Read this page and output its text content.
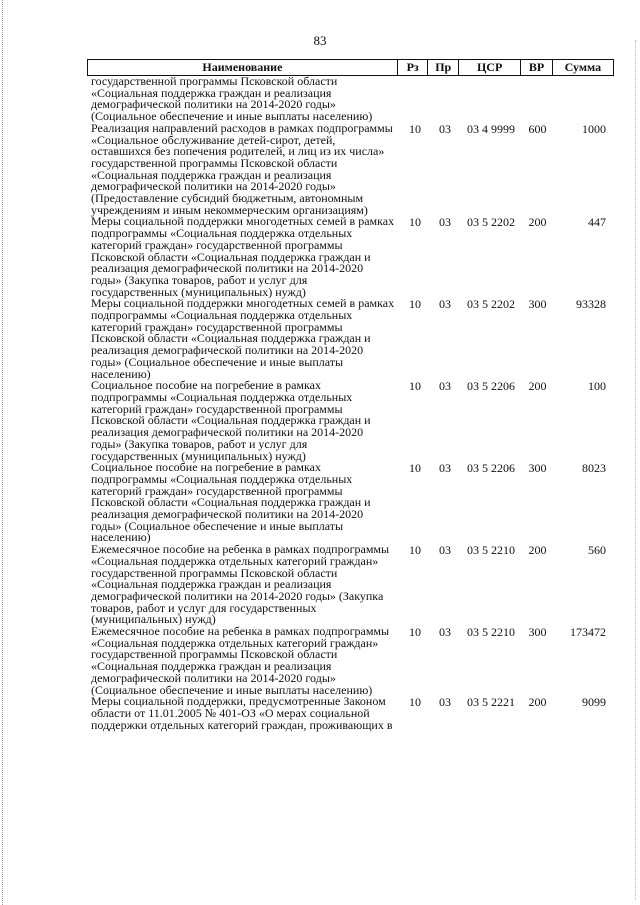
83
Наименование	Рз	Пр	ЦСР	ВР	Сумма
государственной программы Псковской области
«Социальная поддержка граждан и реализация
демографической политики на 2014-2020 годы»
(Социальное обеспечение и иные выплаты населению)
Реализация направлений расходов в рамках подпрограммы
«Социальное обслуживание детей-сирот, детей,
оставшихся без попечения родителей, и лиц из их числа»
государственной программы Псковской области
«Социальная поддержка граждан и реализация
демографической политики на 2014-2020 годы»
(Предоставление субсидий бюджетным, автономным
учреждениям и иным некоммерческим организациям)
10	03	03 4 9999	600	1000
Меры социальной поддержки многодетных семей в рамках
подпрограммы «Социальная поддержка отдельных
категорий граждан» государственной программы
Псковской области «Социальная поддержка граждан и
реализация демографической политики на 2014-2020
годы» (Закупка товаров, работ и услуг для
государственных (муниципальных) нужд)
10	03	03 5 2202	200	447
Меры социальной поддержки многодетных семей в рамках
подпрограммы «Социальная поддержка отдельных
категорий граждан» государственной программы
Псковской области «Социальная поддержка граждан и
реализация демографической политики на 2014-2020
годы» (Социальное обеспечение и иные выплаты
населению)
10	03	03 5 2202	300	93328
Социальное пособие на погребение в рамках
подпрограммы «Социальная поддержка отдельных
категорий граждан» государственной программы
Псковской области «Социальная поддержка граждан и
реализация демографической политики на 2014-2020
годы» (Закупка товаров, работ и услуг для
государственных (муниципальных) нужд)
10	03	03 5 2206	200	100
Социальное пособие на погребение в рамках
подпрограммы «Социальная поддержка отдельных
категорий граждан» государственной программы
Псковской области «Социальная поддержка граждан и
реализация демографической политики на 2014-2020
годы» (Социальное обеспечение и иные выплаты
населению)
10	03	03 5 2206	300	8023
Ежемесячное пособие на ребенка в рамках подпрограммы
«Социальная поддержка отдельных категорий граждан»
государственной программы Псковской области
«Социальная поддержка граждан и реализация
демографической политики на 2014-2020 годы» (Закупка
товаров, работ и услуг для государственных
(муниципальных) нужд)
10	03	03 5 2210	200	560
Ежемесячное пособие на ребенка в рамках подпрограммы
«Социальная поддержка отдельных категорий граждан»
государственной программы Псковской области
«Социальная поддержка граждан и реализация
демографической политики на 2014-2020 годы»
(Социальное обеспечение и иные выплаты населению)
10	03	03 5 2210	300	173472
Меры социальной поддержки, предусмотренные Законом
области от 11.01.2005 № 401-ОЗ «О мерах социальной
поддержки отдельных категорий граждан, проживающих в
10	03	03 5 2221	200	9099
